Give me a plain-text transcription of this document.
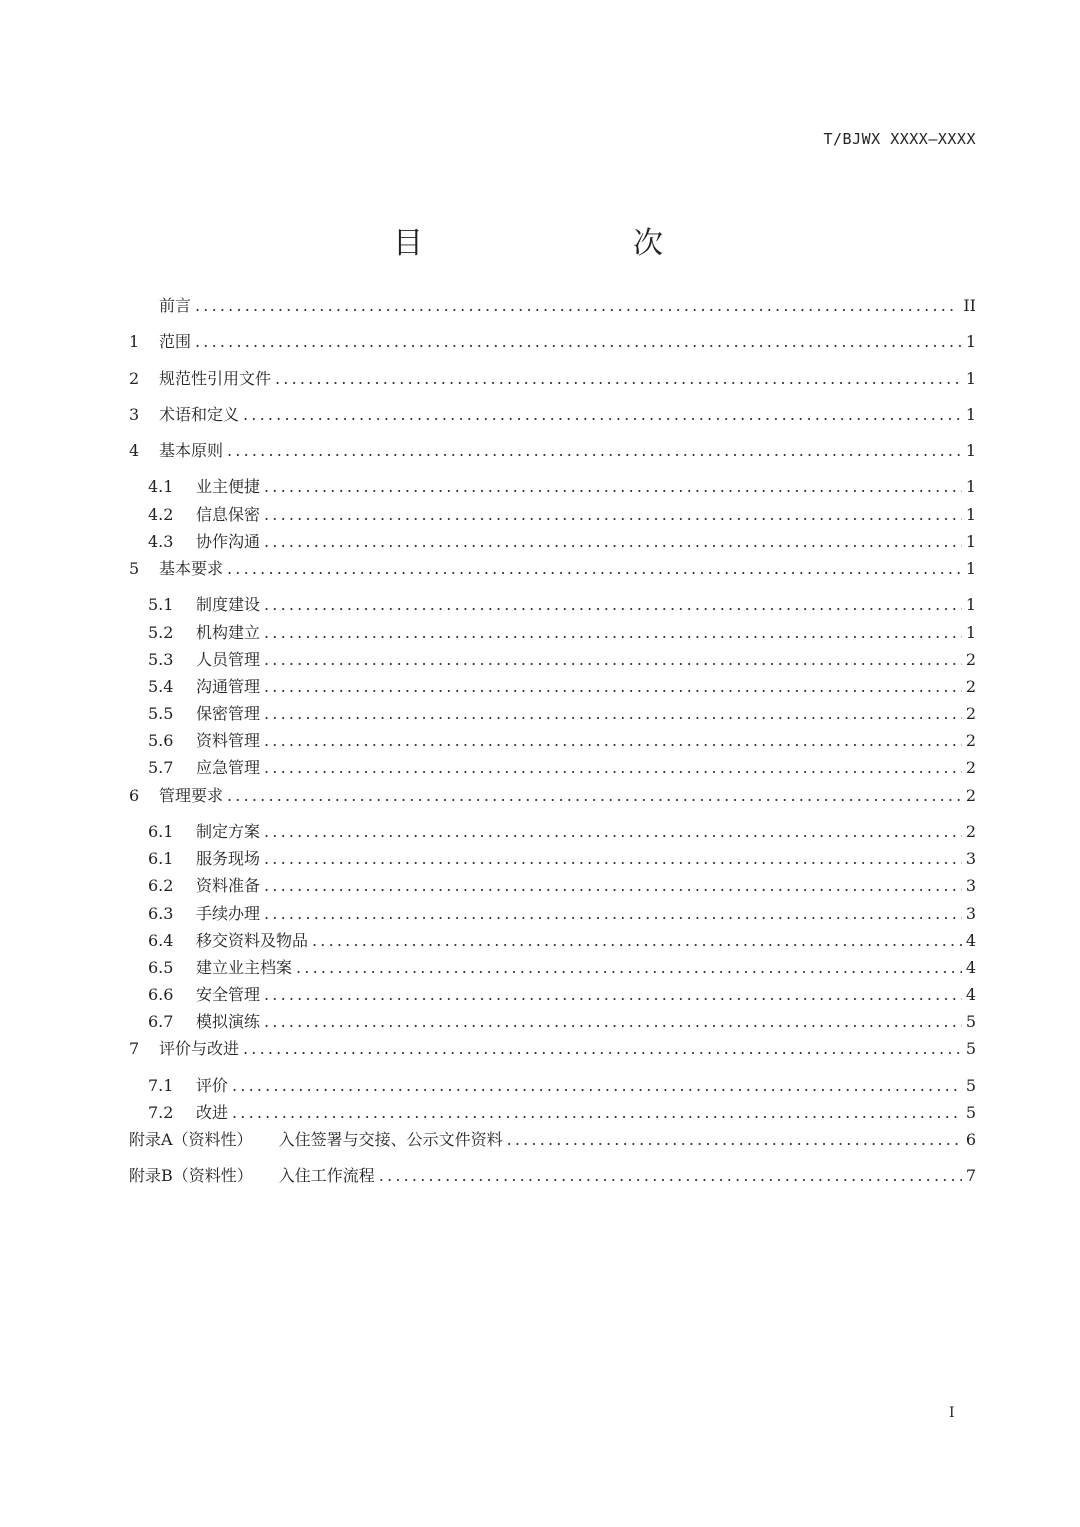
T/BJWX XXXX—XXXX
目　　次
前言 .....	II
1	范围 .....	1
2	规范性引用文件 .....	1
3	术语和定义 .....	1
4	基本原则 .....	1
4.1	业主便捷 .....	1
4.2	信息保密 .....	1
4.3	协作沟通 .....	1
5	基本要求 .....	1
5.1	制度建设 .....	1
5.2	机构建立 .....	1
5.3	人员管理 .....	2
5.4	沟通管理 .....	2
5.5	保密管理 .....	2
5.6	资料管理 .....	2
5.7	应急管理 .....	2
6	管理要求 .....	2
6.1	制定方案 .....	2
6.1	服务现场 .....	3
6.2	资料准备 .....	3
6.3	手续办理 .....	3
6.4	移交资料及物品 .....	4
6.5	建立业主档案 .....	4
6.6	安全管理 .....	4
6.7	模拟演练 .....	5
7	评价与改进 .....	5
7.1	评价 .....	5
7.2	改进 .....	5
附录A（资料性） 入住签署与交接、公示文件资料 .....	6
附录B（资料性） 入住工作流程 .....	7
I
